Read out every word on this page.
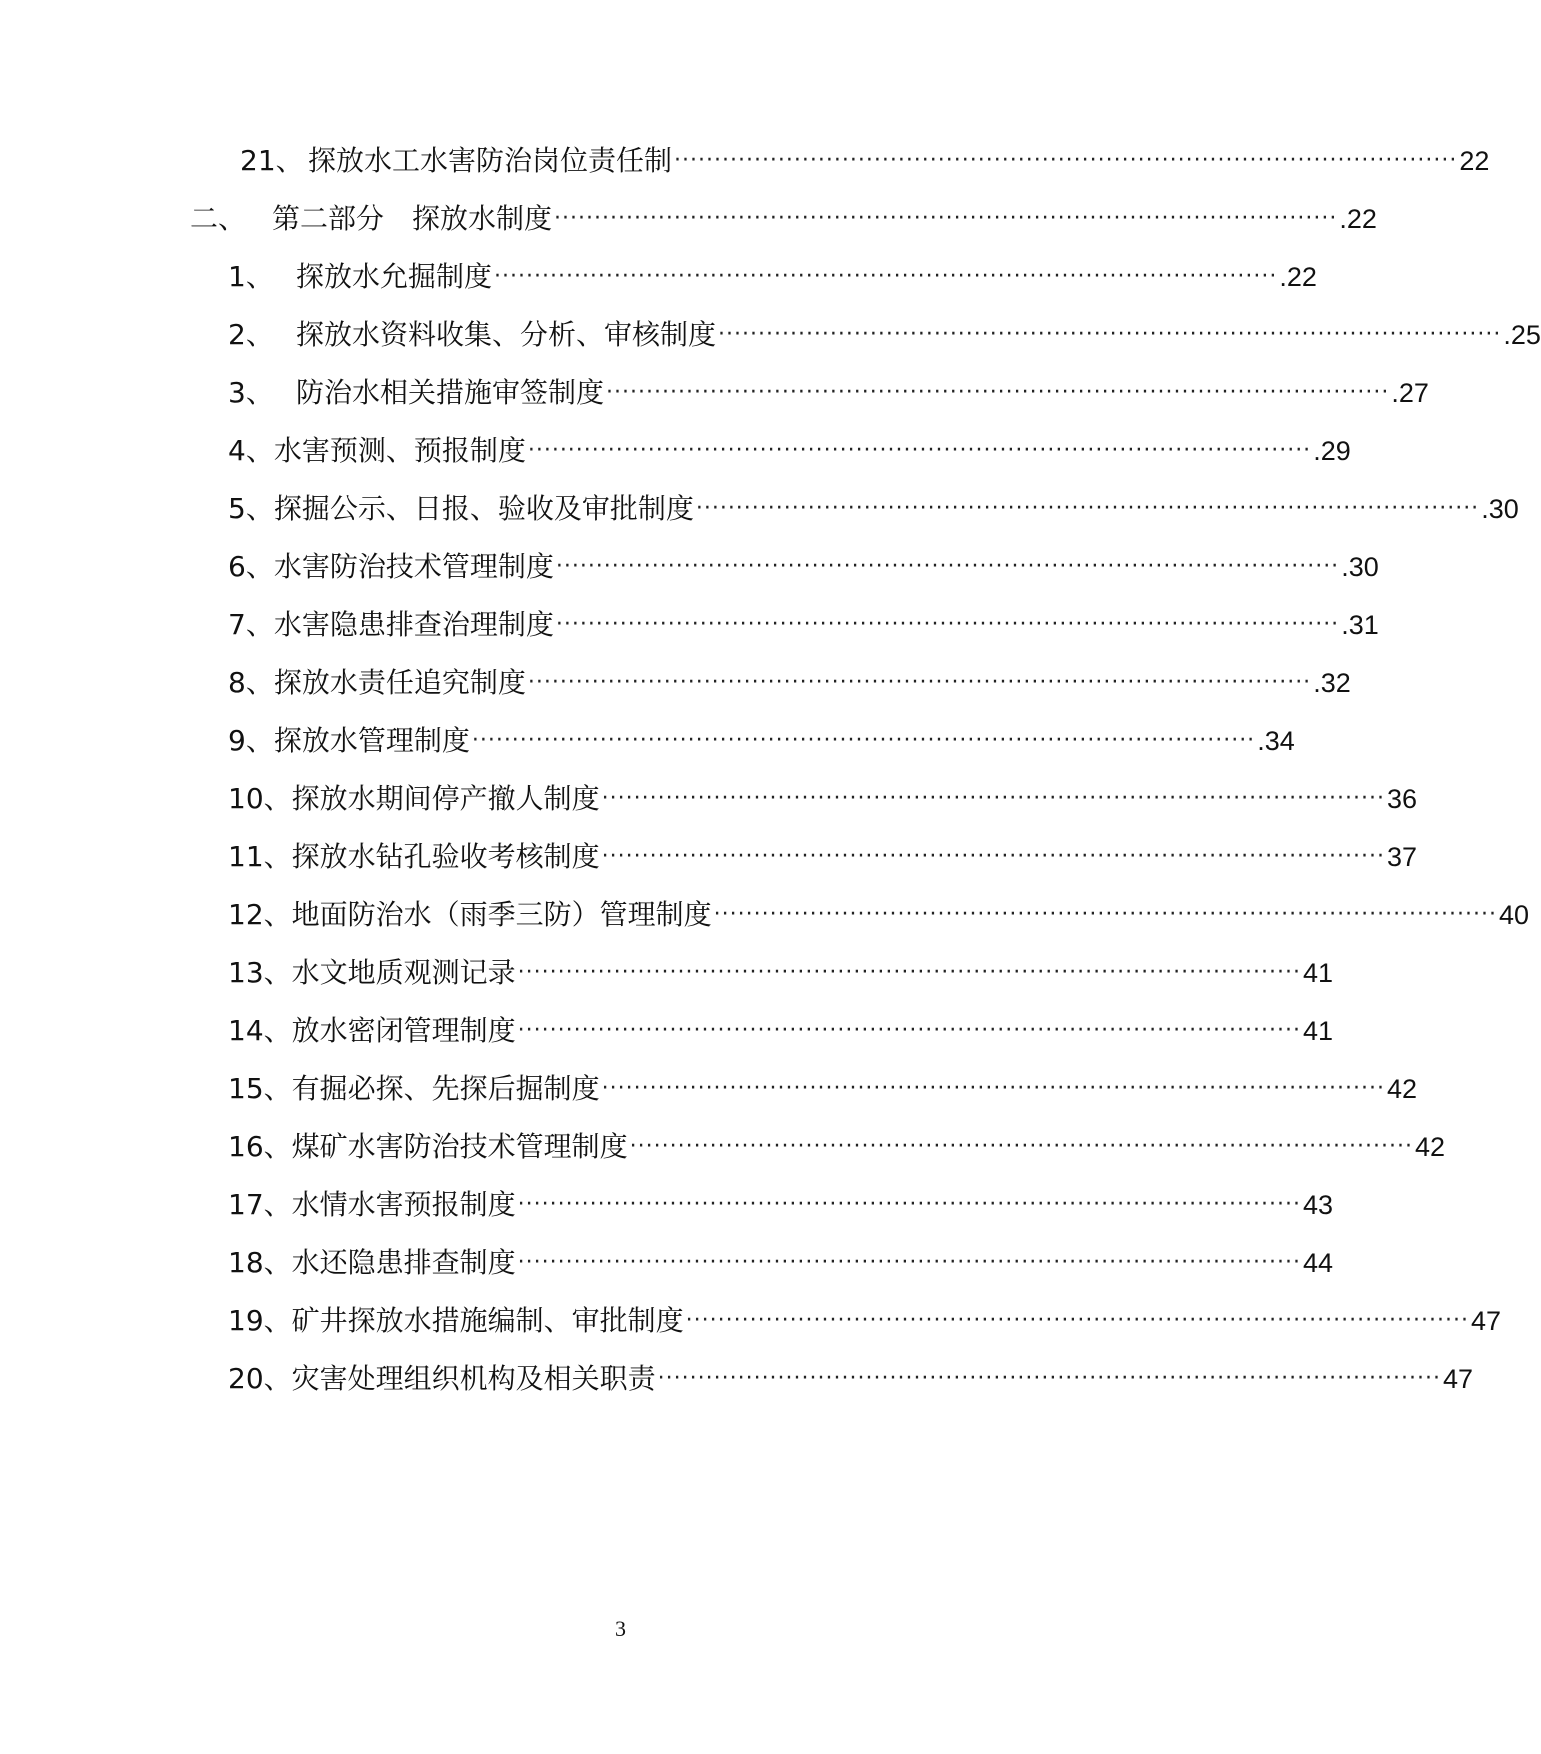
21、 探放水工水害防治岗位责任制 ·································································································· 22
二、 第二部分　探放水制度 ·································································································· .22
1、 探放水允掘制度 ·································································································· .22
2、 探放水资料收集、分析、审核制度 ·································································································· .25
3、 防治水相关措施审签制度 ·································································································· .27
4、 水害预测、预报制度 ·································································································· .29
5、 探掘公示、日报、验收及审批制度 ·································································································· .30
6、 水害防治技术管理制度 ·································································································· .30
7、 水害隐患排查治理制度 ·································································································· .31
8、 探放水责任追究制度 ·································································································· .32
9、 探放水管理制度 ·································································································· .34
10、 探放水期间停产撤人制度 ·································································································· 36
11、 探放水钻孔验收考核制度 ·································································································· 37
12、 地面防治水（雨季三防）管理制度 ·································································································· 40
13、 水文地质观测记录 ·································································································· 41
14、 放水密闭管理制度 ·································································································· 41
15、 有掘必探、先探后掘制度 ·································································································· 42
16、 煤矿水害防治技术管理制度 ·································································································· 42
17、 水情水害预报制度 ·································································································· 43
18、 水还隐患排查制度 ·································································································· 44
19、 矿井探放水措施编制、审批制度 ·································································································· 47
20、 灾害处理组织机构及相关职责 ·································································································· 47
3
